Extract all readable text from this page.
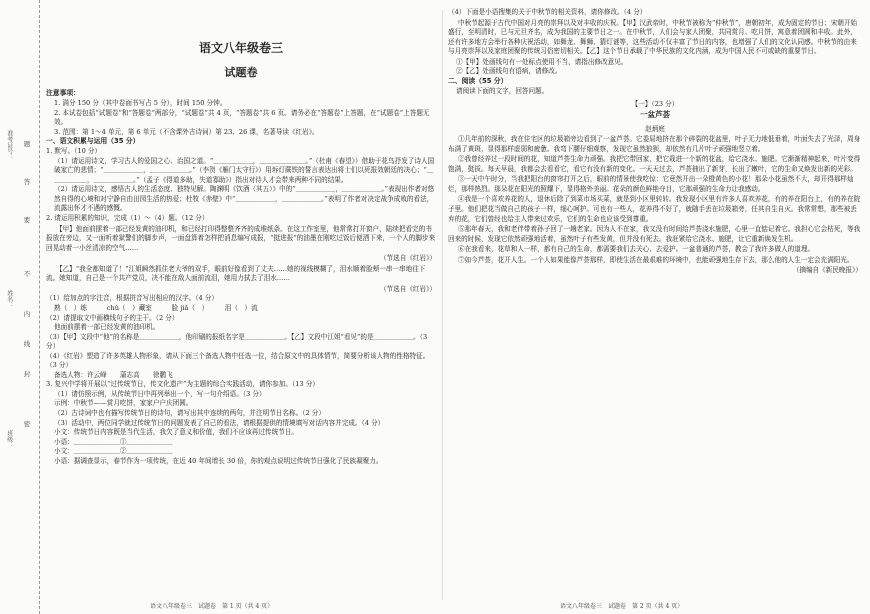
准考证号：
姓名：
班级：
题
答
要
不
内
线
封
密
语文八年级卷三
试题卷
注意事项：
1. 满分 150 分（其中卷面书写占 5 分），时间 150 分钟。
2. 本试卷包括“试题卷”和“答题卷”两部分，“试题卷”共 4 页，“答题卷”共 6 页。请务必在“答题卷”上答题，在“试题卷”上答题无效。
3. 范围：第 1～4 单元，第 6 单元（不含课外古诗词）第 23、26 课，名著导读《红岩》。
一、语文积累与运用（35 分）
1. 默写。（10 分）
（1）请运用诗文，学习古人的爱国之心、治国之道。“＿＿＿＿＿＿，＿＿＿＿＿＿＿。”（杜甫《春望》）借助于花鸟抒发了诗人国破家亡的悲情；“＿＿＿＿＿＿，＿＿＿＿＿＿。”（李贺《雁门太守行》）用坼灯蕨铁的誓言表达出将士们以死报效朝廷的决心；“＿＿＿＿＿＿，＿＿＿＿＿＿。”（孟子《得道多助，失道寡助》）指出对待人才会带来两种不同的结果。
（2）请运用诗文，感悟古人的生活态度、独特见解。陶渊明《饮酒（其五）》中的“＿＿＿＿＿＿，＿＿＿＿＿＿。”表现出作者对悠然自得的心境和对宁静自由田园生活的热爱；杜牧《赤壁》中“＿＿＿＿＿＿，＿＿＿＿＿＿。”表明了作者对决定战争成败的看法，流露出怀才不遇的感慨。
2. 请运用积累的知识，完成（1）～（4）题。（12 分）
【甲】他面前摆着一部已经发黄的油印机，和已经打印得整整齐齐的成堆纸条。在这工作室里，他常常打开窗户，陆续把看完的书报放在旁边，又一面听着狱警们的脚步声，一面盘算着怎样把消息编写成报，“挺进报”的油墨在刚吃过饭后便洒下来，一个人的脚步来回晃动着一小丝清凉的空气……
（节选自《红岩》）
【乙】“我全都知道了！”江姐瞬然抓住老大爷的双手，眼前好像看到了丈夫……她的视线模糊了，泪水顺着脸颊一串一串地往下流。她知道，自己是一个共产党员，决不能在敌人面前流泪，她用力拭去了泪水……
（节选自《红岩》）
（1）给加点的字注音，根据拼音写出相应的汉字。（4 分）
熟（　）练　　　chǔ（　）藏室　　　脸 jiǎ（　）　　　泪（　）流
（2）请提取文中画横线句子的主干。（2 分）
他面前摆着一部已经发黄的油印机。
（3）【甲】文段中“他”的名称是＿＿＿＿＿＿，他印刷的报纸名字是＿＿＿＿＿＿。【乙】文段中江姐“看见”的是＿＿＿＿＿＿。（3 分）
（4）《红岩》塑造了许多英雄人物形象，请从下面三个备选人物中任选一位，结合原文中的具体情节，简要分析该人物的性格特征。（3 分）
备选人物：许云峰　　蒲志高　　徐鹏飞
3. 复兴中学将开展以“过传统节日，传文化遗产”为主题的综合实践活动，请你参加。（13 分）
（1）请仿照示例，从传统节日中再列举出一个，写一句介绍语。（3 分）
示例：中秋节——赏月吃饼，家家户户庆团圆。
（2）古诗词中也有描写传统节日的诗句，请写出其中连续的两句，并注明节日名称。（2 分）
（3）活动中，两位同学就过传统节日的问题发表了自己的看法，请根据提供的情境填写对话内容并完成。（4 分）
小文：传统节日内容既是当代生活，我欠了意义和价值，我们不应该再过传统节日。
小语：＿＿＿＿＿＿＿①＿＿＿＿＿＿＿
小文：＿＿＿＿＿＿＿②＿＿＿＿＿＿＿
小语：据调查显示，春节作为一项传统，在近 40 年间增长 30 倍，你的观点说明过传统节日强化了民族凝聚力。
（4）下面是小语搜集的关于中秋节的相关资料，请你修改。（4 分）
中秋节起源于古代中国对月亮的崇拜以及对丰收的庆祝。【甲】汉武帝时，中秋节被称为“仲秋节”，唐朝初年，成为固定的节日；宋朝开始盛行，至明清时，已与元旦齐名，成为我国的主要节日之一。在中秋节，人们会与家人团聚，共同赏月、吃月饼，寓意着团圆和丰收。此外，还有许多地方会举行各种庆祝活动，如舞龙、舞狮、猜灯谜等，这些活动不仅丰富了节日的内容，也增强了人们的文化认同感。中秋节的由来与月亮崇拜以及家庭团聚的传统习俗密切相关。【乙】这个节日承载了中华民族的文化内涵，成为中国人民不可或缺的重要节日。
①【甲】处画线句有一处标点使用不当，请指出修改意见。
②【乙】处画线句有语病，请修改。
二、阅读（55 分）
请阅读下面的文字，回答问题。
【一】（23 分）
一盆芦荟
赵炳庭
①几年前的深秋，我在住宅区的垃圾箱旁边看到了一盆芦荟。它委屈地挤在那个碎裂的花盆里，叶子无力地低垂着，叶面失去了光泽，周身布满了黄斑，显得那样虚弱和疲惫。我弯下腰仔细观察，发现它虽然狼狈，却依然有几片叶子顽强地竖立着。
②我曾经养过一段时间的花，知道芦荟生命力顽强。我把它带回家，把它栽进一个新的花盆，给它浇水、施肥。它渐渐精神起来，叶片变得饱满，挺拔。每天早晨，我都会去看看它，看它有没有新的变化。一天天过去，芦荟抽出了新芽，长出了嫩叶，它的生命又焕发出新的光彩。
③一天中午时分，当我把阳台的窗帘打开之后，眼前的情景使我吃惊：它竟然开出一朵橙黄色的小花！那朵小花虽然不大，却开得那样灿烂，那样热烈。那朵花在阳光的照耀下，显得格外美丽。花朵的颜色鲜艳夺目，它那顽强的生命力让我感动。
④我是一个喜欢养花的人，退休后除了到菜市场买菜，就是到小区里转转。我发现小区里有许多人喜欢养花，有的养在阳台上，有的养在院子里。他们把花当做自己的孩子一样，细心呵护。可也有一些人，花养得不好了，就随手丢在垃圾箱旁，任其自生自灭。我常常想，那些被丢弃的花，它们曾经也给主人带来过欢乐，它们的生命也应该受到尊重。
⑤那年春天，我和老伴带着孙子回了一趟老家。因为人不在家，我又没有时间给芦荟浇水施肥，心里一直惦记着它。我担心它会枯死，等我回来的时候，发现它依然顽强地活着，虽然叶子有些发黄，但并没有死去。我赶紧给它浇水、施肥，让它重新焕发生机。
⑥在我看来，花草和人一样，都有自己的生命，都需要我们去关心、去爱护。一盆普通的芦荟，教会了我许多做人的道理。
⑦如今芦荟，花开人生。一个人如果能像芦荟那样，即使生活在最艰难的环境中，也能顽强地生存下去，那么他的人生一定会充满阳光。
（摘编自《新民晚报》）
语文八年级卷三　试题卷　第 1 页（共 4 页）	语文八年级卷三　试题卷　第 2 页（共 4 页）
